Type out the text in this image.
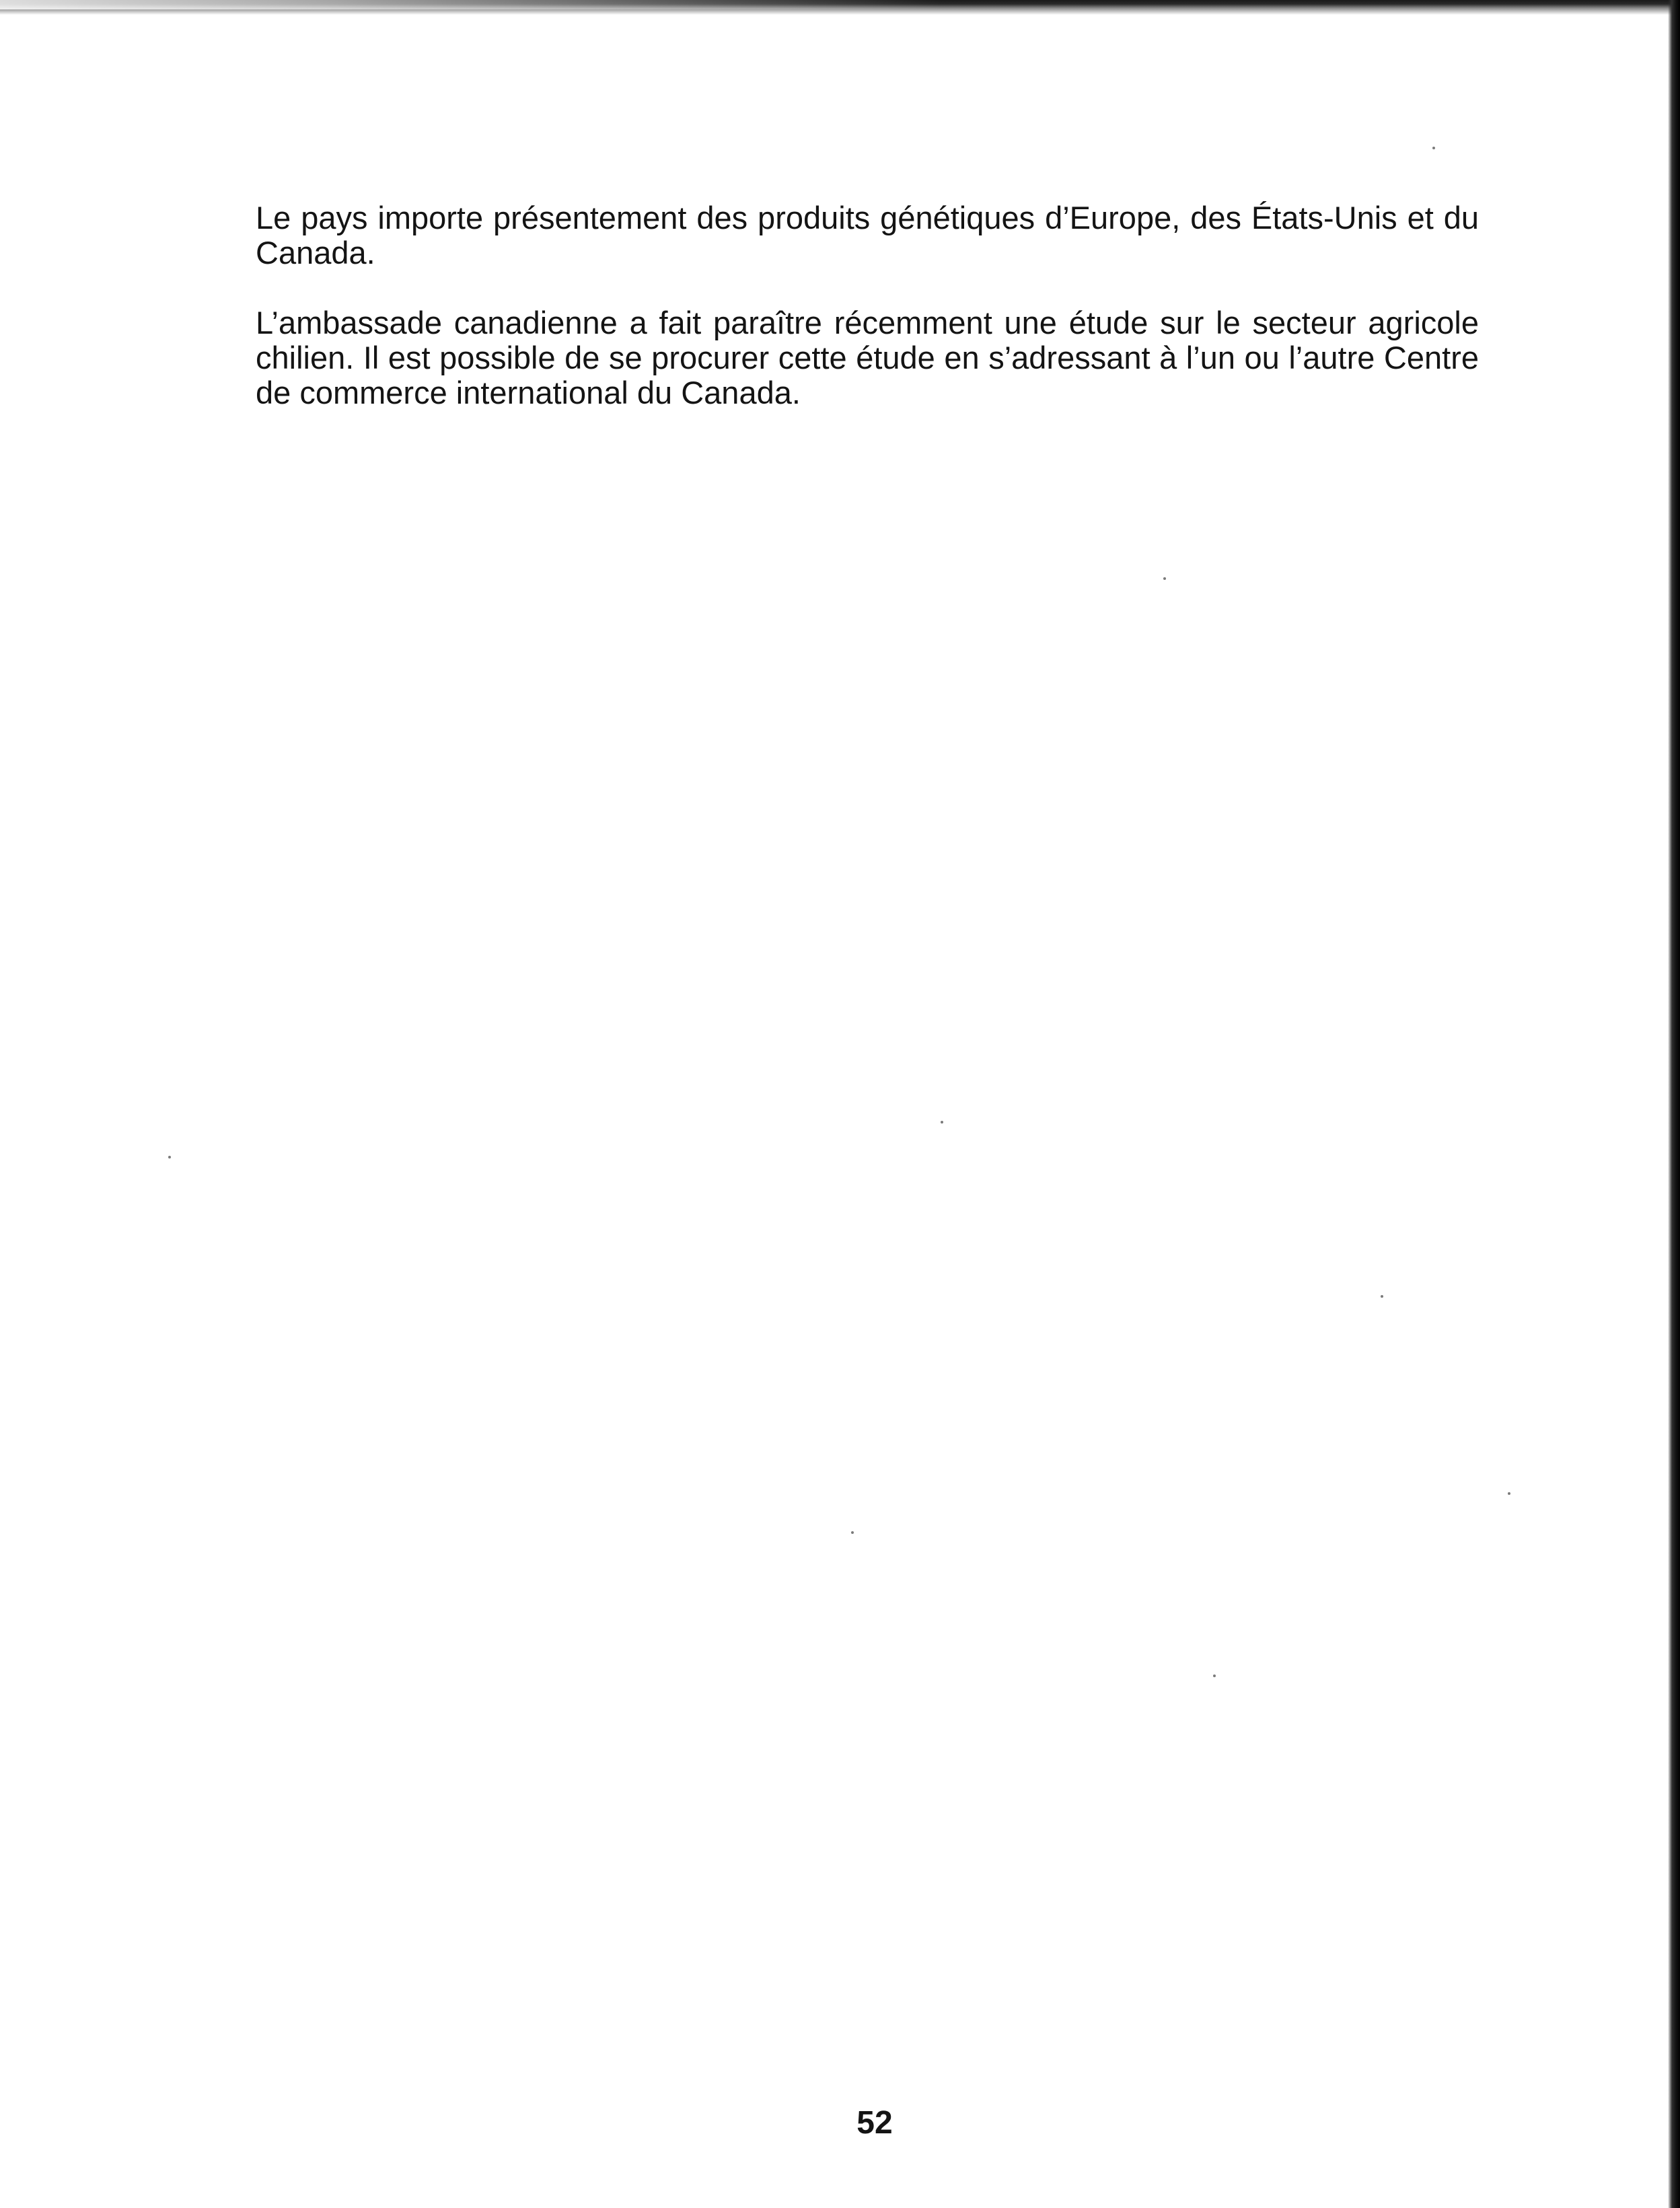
Le pays importe présentement des produits génétiques d’Europe, des États-Unis et du Canada.

L’ambassade canadienne a fait paraître récemment une étude sur le secteur agricole chilien. Il est possible de se procurer cette étude en s’adressant à l’un ou l’autre Centre de commerce international du Canada.

52
